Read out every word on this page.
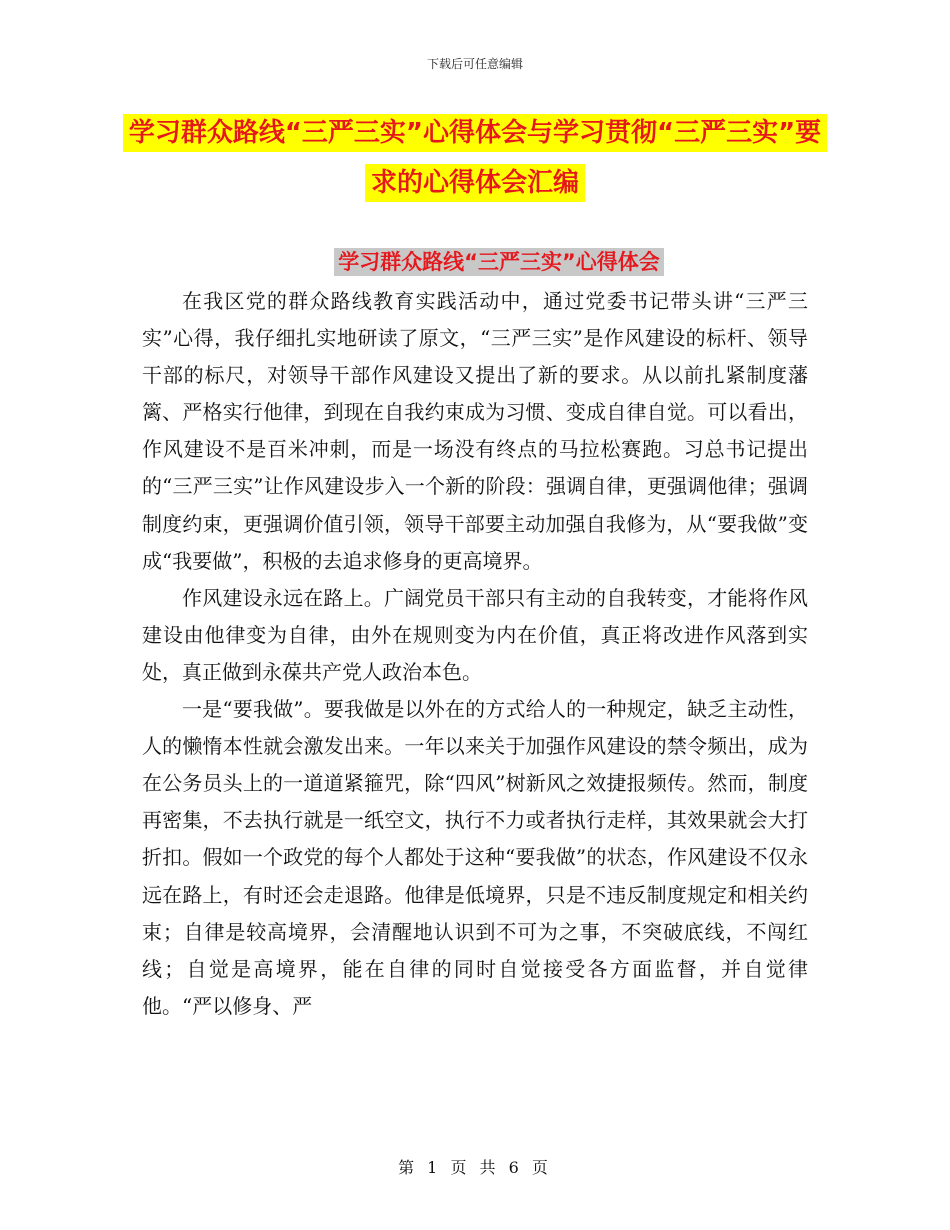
下载后可任意编辑
学习群众路线“三严三实”心得体会与学习贯彻“三严三实”要求的心得体会汇编
学习群众路线“三严三实”心得体会

在我区党的群众路线教育实践活动中，通过党委书记带头讲“三严三实”心得，我仔细扎实地研读了原文，“三严三实”是作风建设的标杆、领导干部的标尺，对领导干部作风建设又提出了新的要求。从以前扎紧制度藩篱、严格实行他律，到现在自我约束成为习惯、变成自律自觉。可以看出，作风建设不是百米冲刺，而是一场没有终点的马拉松赛跑。习总书记提出的“三严三实”让作风建设步入一个新的阶段：强调自律，更强调他律；强调制度约束，更强调价值引领，领导干部要主动加强自我修为，从“要我做”变成“我要做”，积极的去追求修身的更高境界。

作风建设永远在路上。广阔党员干部只有主动的自我转变，才能将作风建设由他律变为自律，由外在规则变为内在价值，真正将改进作风落到实处，真正做到永葆共产党人政治本色。

一是“要我做”。要我做是以外在的方式给人的一种规定，缺乏主动性，人的懒惰本性就会激发出来。一年以来关于加强作风建设的禁令频出，成为在公务员头上的一道道紧箍咒，除“四风”树新风之效捷报频传。然而，制度再密集，不去执行就是一纸空文，执行不力或者执行走样，其效果就会大打折扣。假如一个政党的每个人都处于这种“要我做”的状态，作风建设不仅永远在路上，有时还会走退路。他律是低境界，只是不违反制度规定和相关约束；自律是较高境界，会清醒地认识到不可为之事，不突破底线，不闯红线；自觉是高境界，能在自律的同时自觉接受各方面监督，并自觉律他。“严以修身、严

第 1 页 共 6 页
